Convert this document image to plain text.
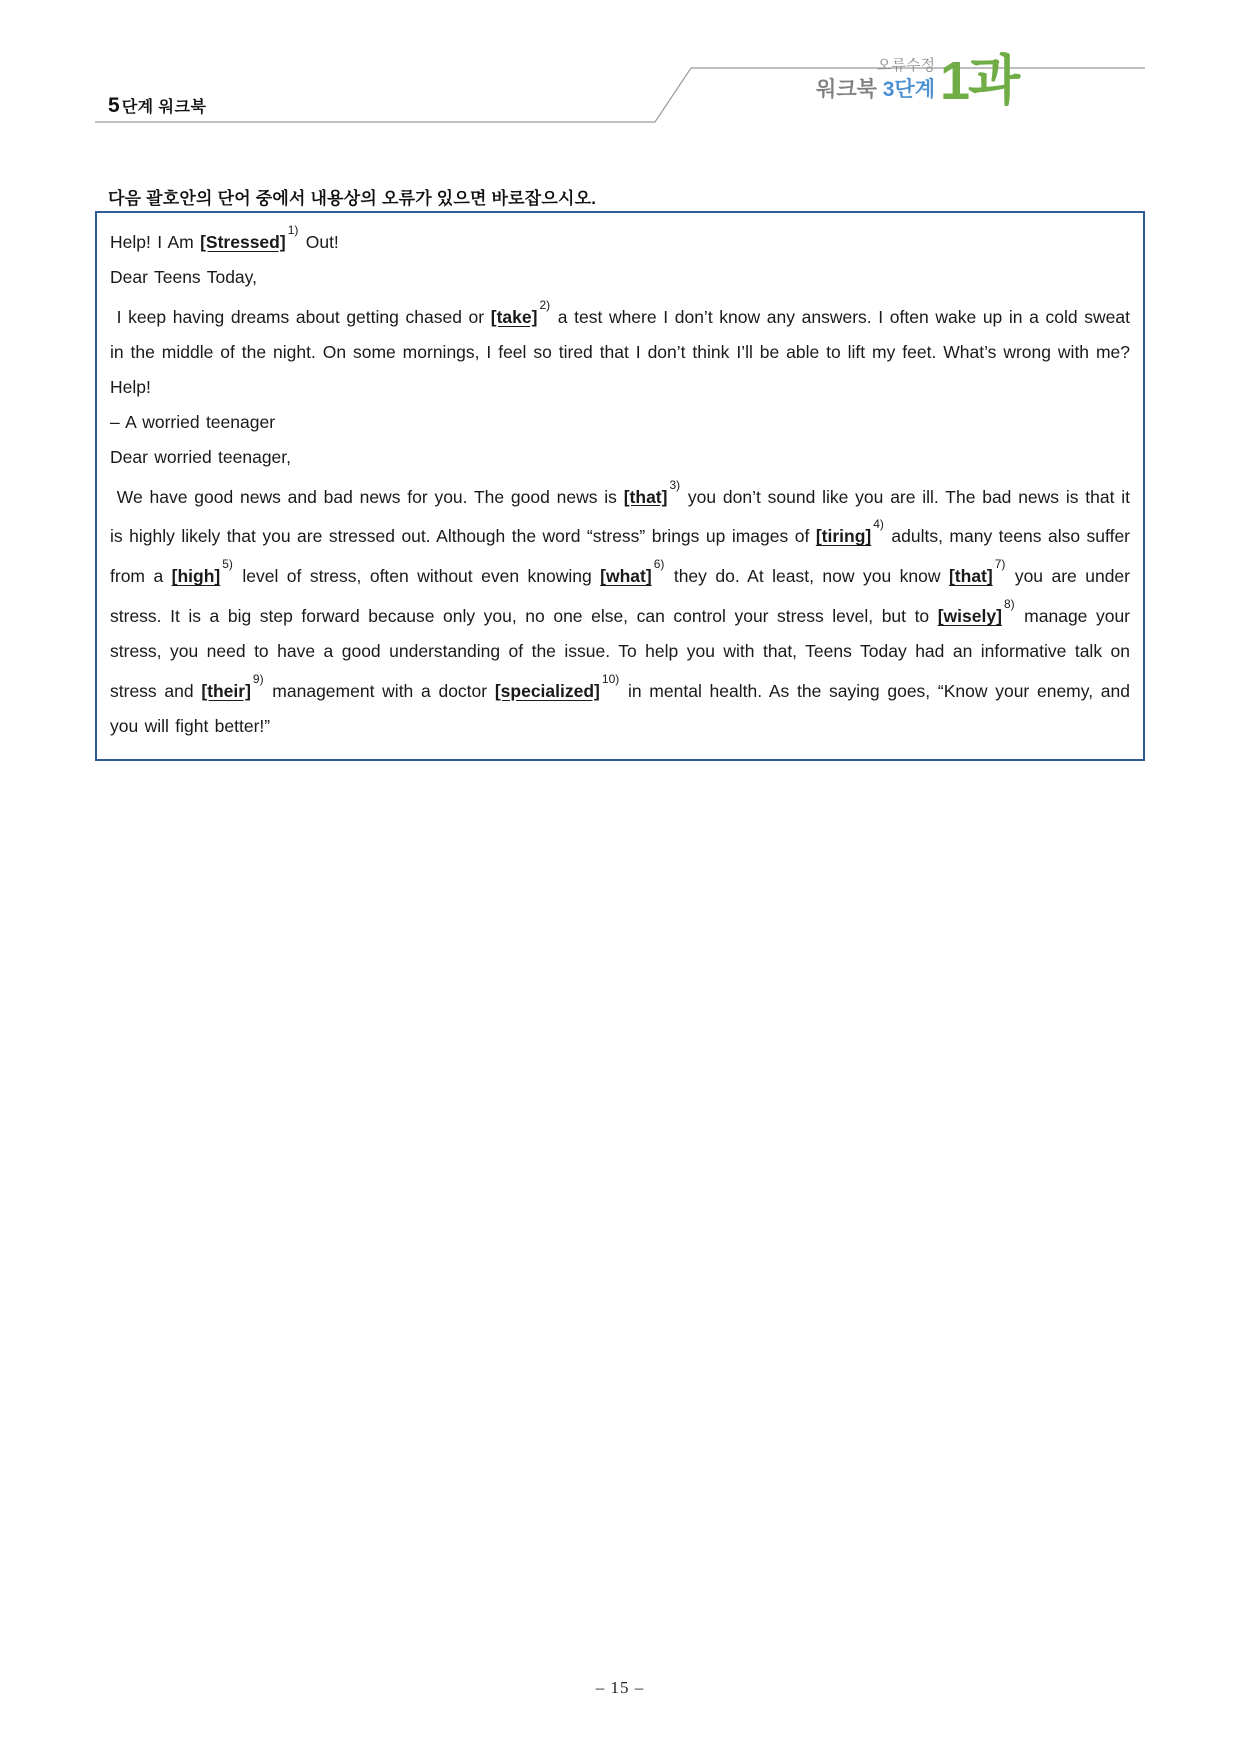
5 단계 워크북
오류수정
워크북 3단계 1과
다음 괄호안의 단어 중에서 내용상의 오류가 있으면 바로잡으시오.

Help! I Am [Stressed]$^{1)}$ Out!

Dear Teens Today,

I keep having dreams about getting chased or [take]$^{2)}$ a test where I don’t know any answers. I often wake up in a cold sweat in the middle of the night. On some mornings, I feel so tired that I don’t think I’ll be able to lift my feet. What’s wrong with me? Help!

– A worried teenager

Dear worried teenager,

We have good news and bad news for you. The good news is [that]$^{3)}$ you don’t sound like you are ill. The bad news is that it is highly likely that you are stressed out. Although the word “stress” brings up images of [tiring]$^{4)}$ adults, many teens also suffer from a [high]$^{5)}$ level of stress, often without even knowing [what]$^{6)}$ they do. At least, now you know [that]$^{7)}$ you are under stress. It is a big step forward because only you, no one else, can control your stress level, but to [wisely]$^{8)}$ manage your stress, you need to have a good understanding of the issue. To help you with that, Teens Today had an informative talk on stress and [their]$^{9)}$ management with a doctor [specialized]$^{10)}$ in mental health. As the saying goes, “Know your enemy, and you will fight better!”

– 15 –
